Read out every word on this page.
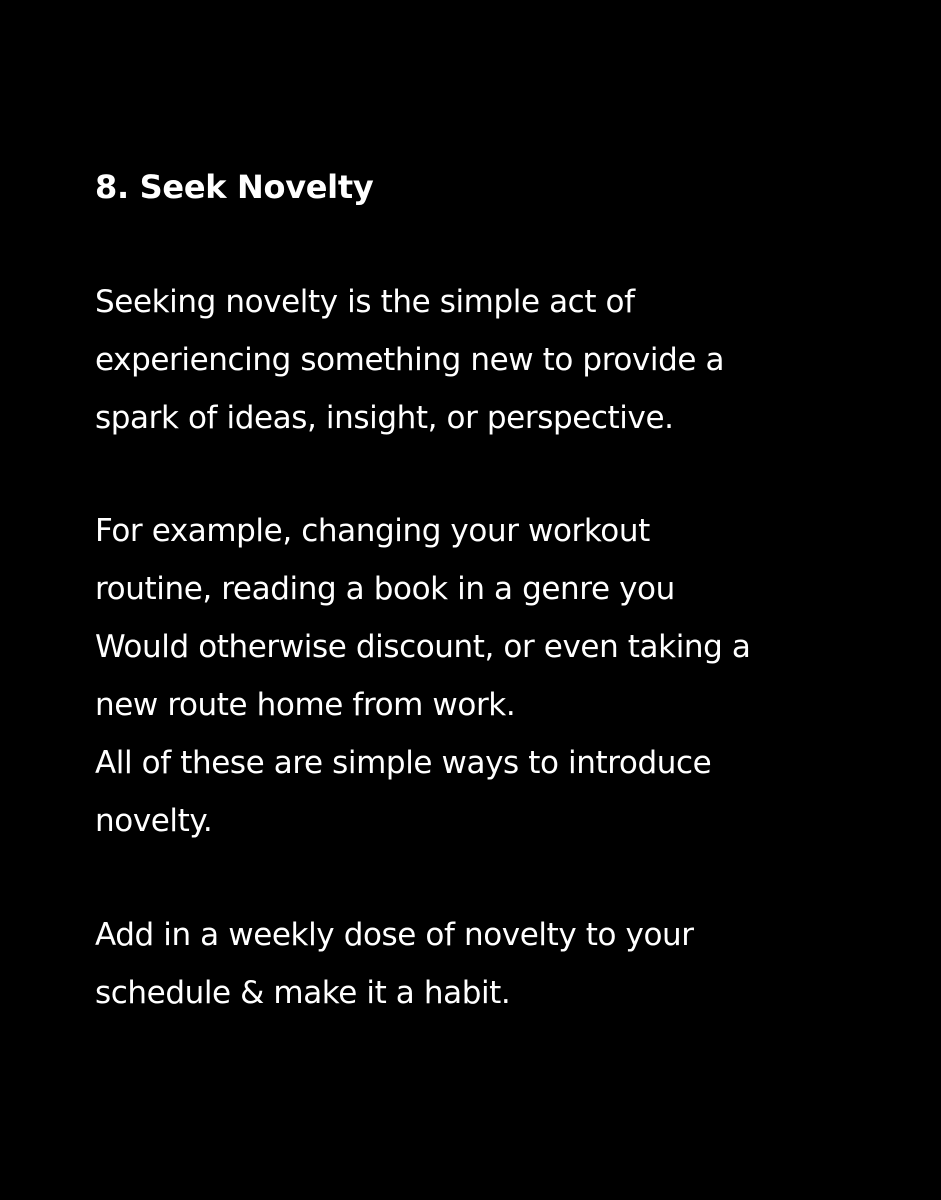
8. Seek Novelty

Seeking novelty is the simple act of

experiencing something new to provide a

spark of ideas, insight, or perspective.

For example, changing your workout

routine, reading a book in a genre you

Would otherwise discount, or even taking a

new route home from work.

All of these are simple ways to introduce

novelty.

Add in a weekly dose of novelty to your

schedule & make it a habit.
